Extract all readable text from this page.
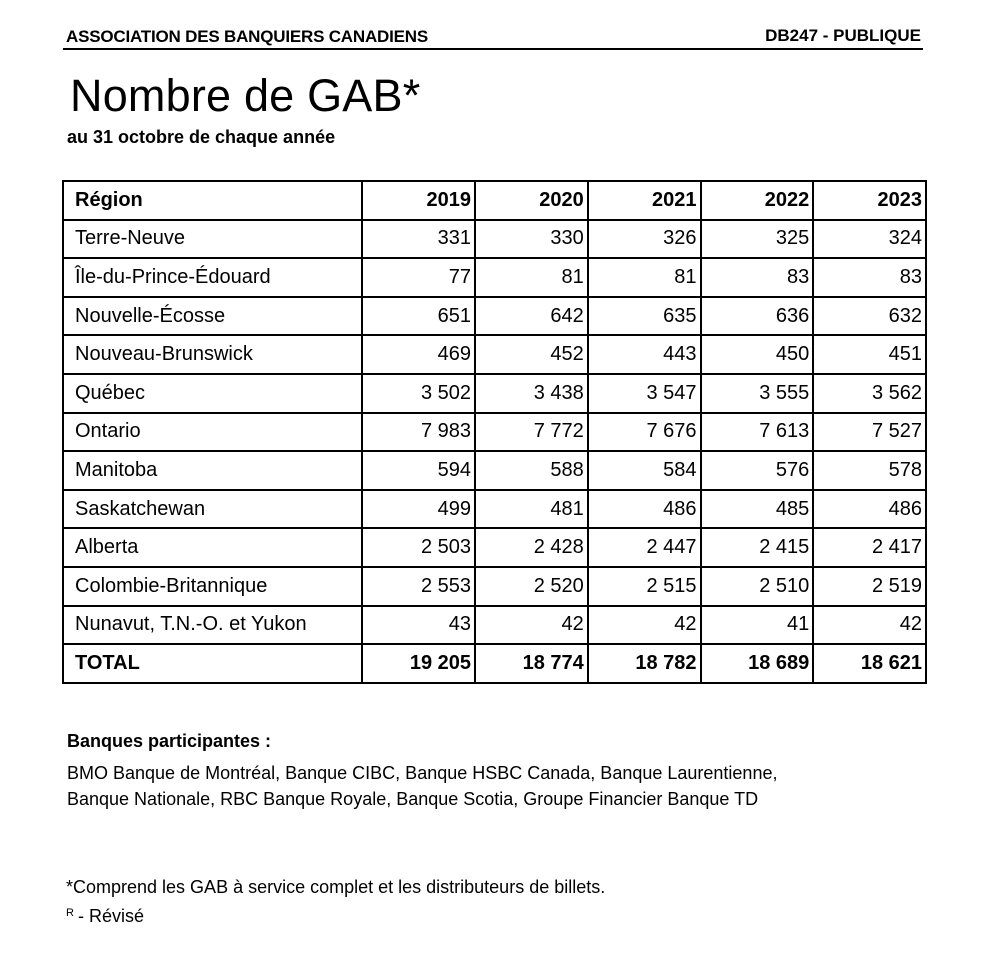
ASSOCIATION DES BANQUIERS CANADIENS	DB247 - PUBLIQUE
Nombre de GAB*
au 31 octobre de chaque année
Région	2019	2020	2021	2022	2023
Terre-Neuve	331	330	326	325	324
Île-du-Prince-Édouard	77	81	81	83	83
Nouvelle-Écosse	651	642	635	636	632
Nouveau-Brunswick	469	452	443	450	451
Québec	3 502	3 438	3 547	3 555	3 562
Ontario	7 983	7 772	7 676	7 613	7 527
Manitoba	594	588	584	576	578
Saskatchewan	499	481	486	485	486
Alberta	2 503	2 428	2 447	2 415	2 417
Colombie-Britannique	2 553	2 520	2 515	2 510	2 519
Nunavut, T.N.-O. et Yukon	43	42	42	41	42
TOTAL	19 205	18 774	18 782	18 689	18 621
Banques participantes :
BMO Banque de Montréal, Banque CIBC, Banque HSBC Canada, Banque Laurentienne, Banque Nationale, RBC Banque Royale, Banque Scotia, Groupe Financier Banque TD
*Comprend les GAB à service complet et les distributeurs de billets.
$^R$ - Révisé
